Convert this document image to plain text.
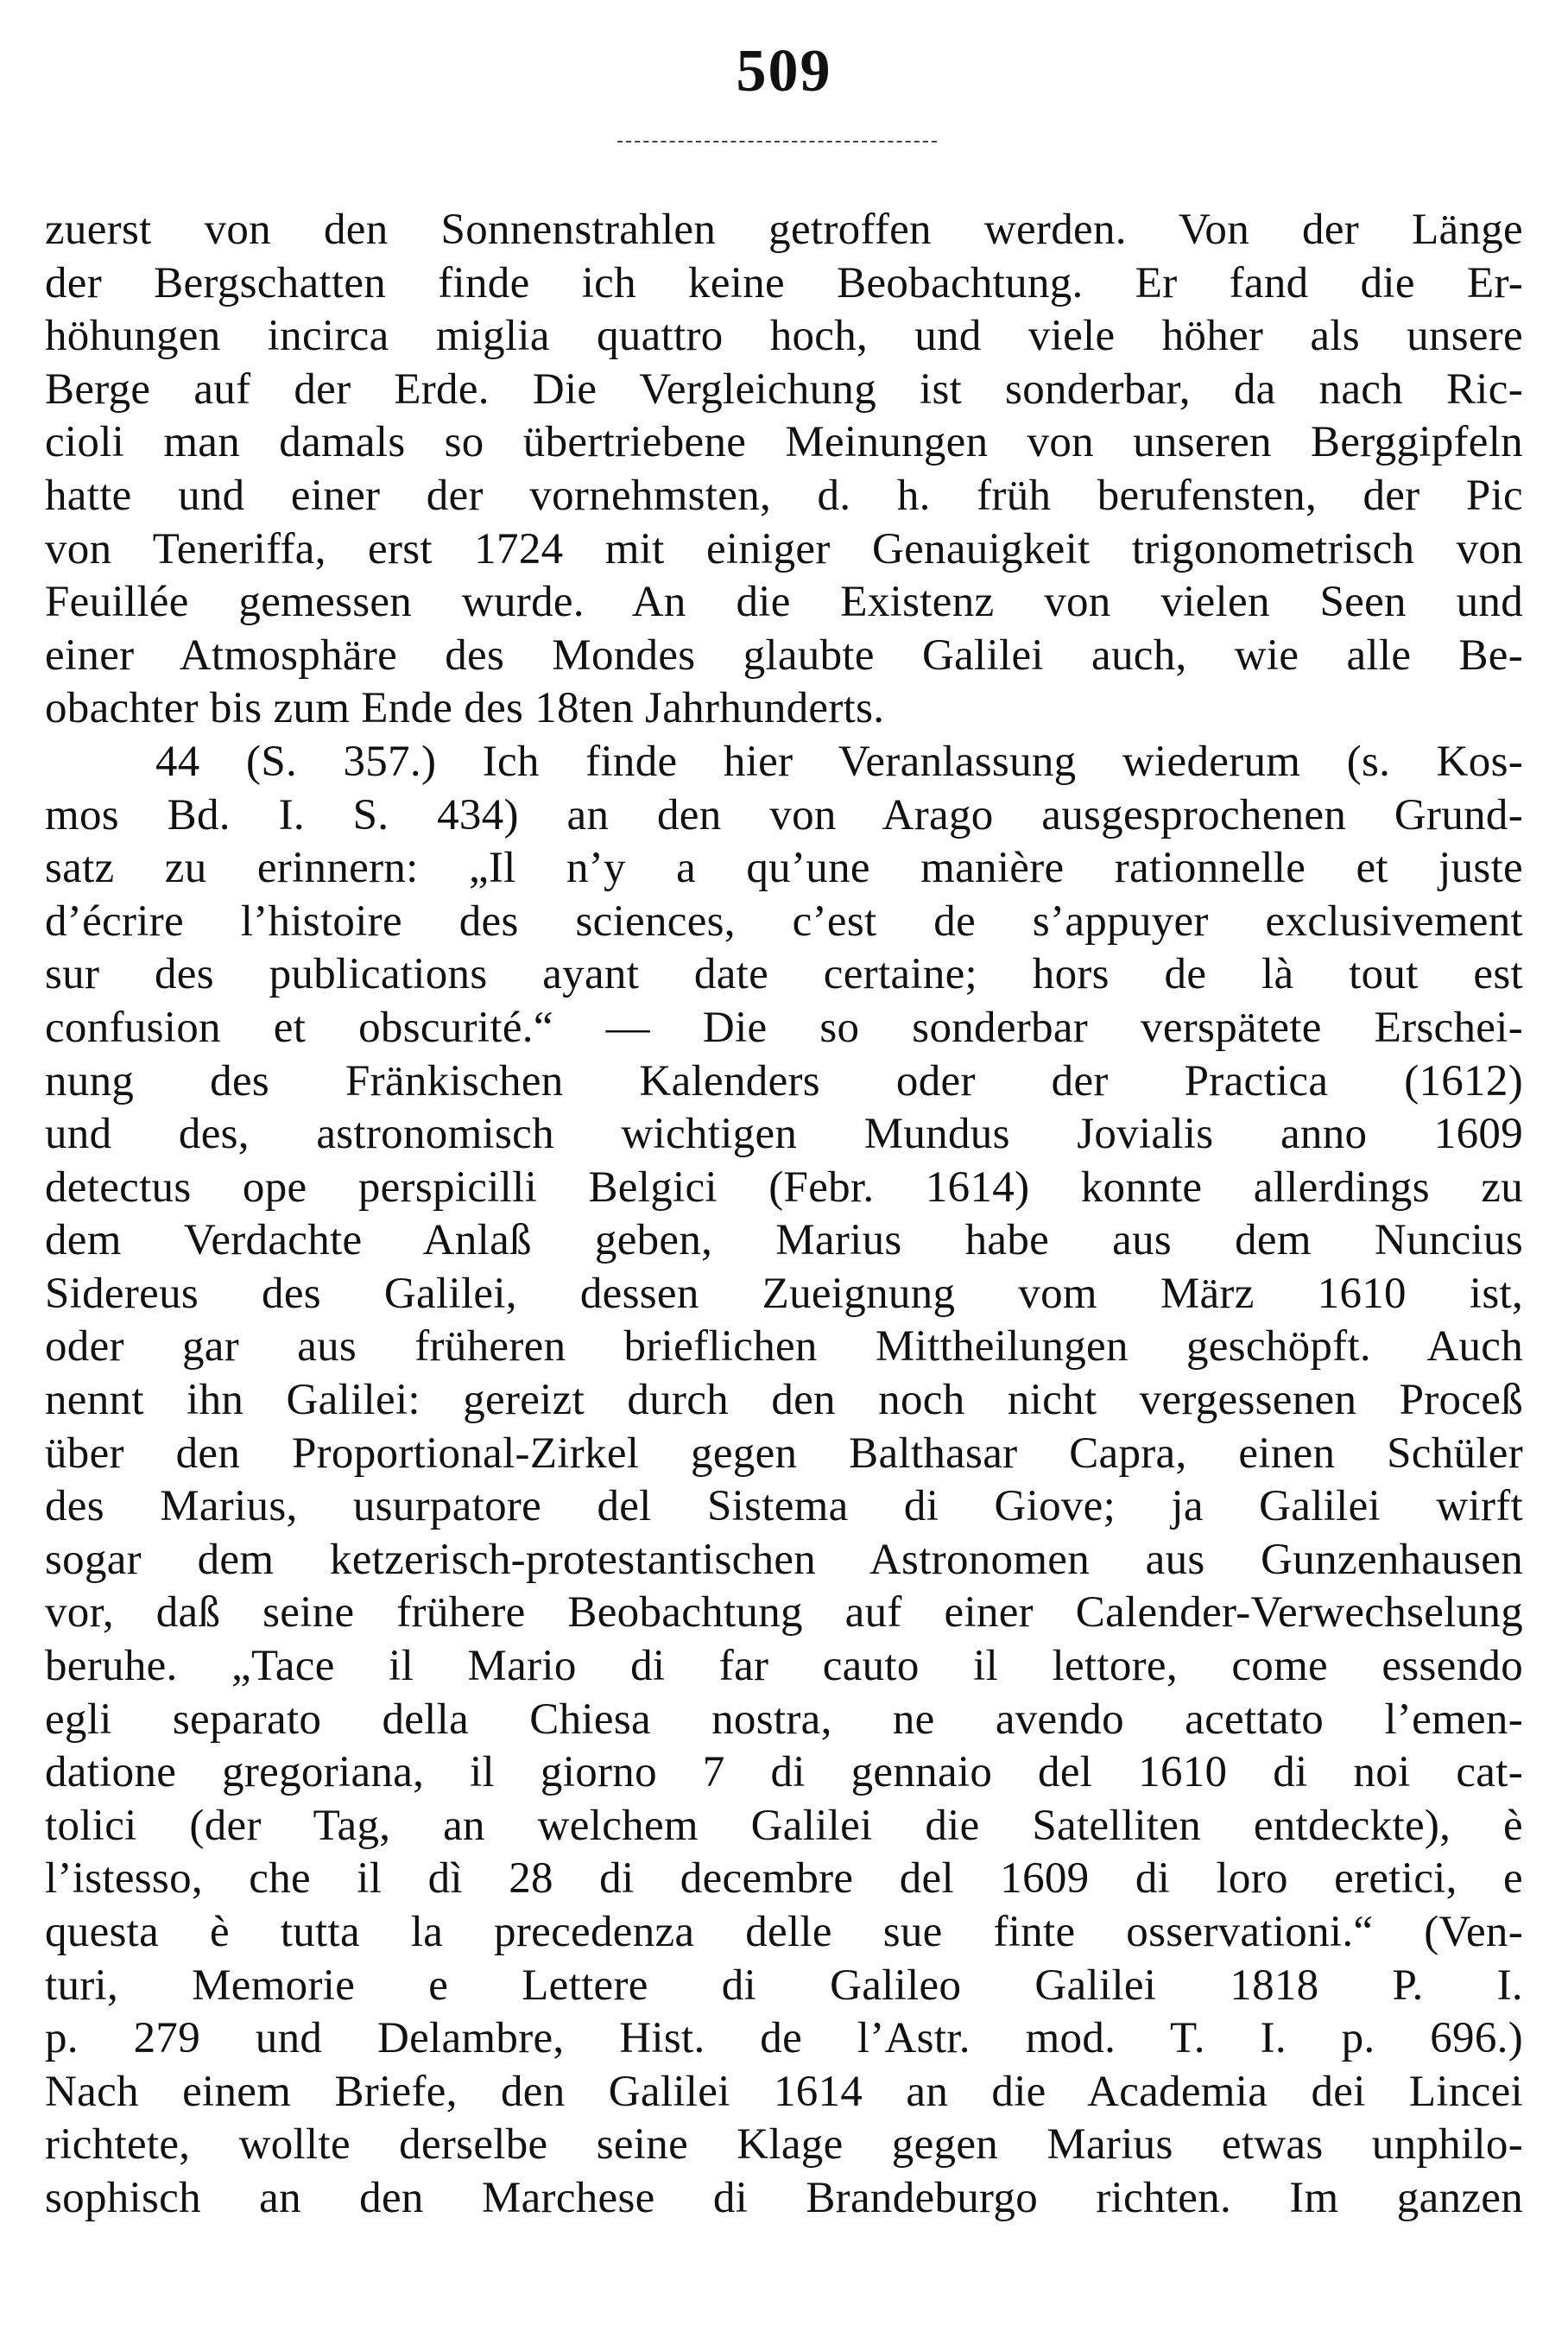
509
zuerst von den Sonnenstrahlen getroffen werden. Von der Länge
der Bergschatten finde ich keine Beobachtung. Er fand die Er-
höhungen incirca miglia quattro hoch, und viele höher als unsere
Berge auf der Erde. Die Vergleichung ist sonderbar, da nach Ric-
cioli man damals so übertriebene Meinungen von unseren Berggipfeln
hatte und einer der vornehmsten, d. h. früh berufensten, der Pic
von Teneriffa, erst 1724 mit einiger Genauigkeit trigonometrisch von
Feuillée gemessen wurde. An die Existenz von vielen Seen und
einer Atmosphäre des Mondes glaubte Galilei auch, wie alle Be-
obachter bis zum Ende des 18ten Jahrhunderts.
44 (S. 357.) Ich finde hier Veranlassung wiederum (s. Kos-
mos Bd. I. S. 434) an den von Arago ausgesprochenen Grund-
satz zu erinnern: „Il n’y a qu’une manière rationnelle et juste
d’écrire l’histoire des sciences, c’est de s’appuyer exclusivement
sur des publications ayant date certaine; hors de là tout est
confusion et obscurité.“ — Die so sonderbar verspätete Erschei-
nung des Fränkischen Kalenders oder der Practica (1612)
und des, astronomisch wichtigen Mundus Jovialis anno 1609
detectus ope perspicilli Belgici (Febr. 1614) konnte allerdings zu
dem Verdachte Anlaß geben, Marius habe aus dem Nuncius
Sidereus des Galilei, dessen Zueignung vom März 1610 ist,
oder gar aus früheren brieflichen Mittheilungen geschöpft. Auch
nennt ihn Galilei: gereizt durch den noch nicht vergessenen Proceß
über den Proportional-Zirkel gegen Balthasar Capra, einen Schüler
des Marius, usurpatore del Sistema di Giove; ja Galilei wirft
sogar dem ketzerisch-protestantischen Astronomen aus Gunzenhausen
vor, daß seine frühere Beobachtung auf einer Calender-Verwechselung
beruhe. „Tace il Mario di far cauto il lettore, come essendo
egli separato della Chiesa nostra, ne avendo acettato l’emen-
datione gregoriana, il giorno 7 di gennaio del 1610 di noi cat-
tolici (der Tag, an welchem Galilei die Satelliten entdeckte), è
l’istesso, che il dì 28 di decembre del 1609 di loro eretici, e
questa è tutta la precedenza delle sue finte osservationi.“ (Ven-
turi, Memorie e Lettere di Galileo Galilei 1818 P. I.
p. 279 und Delambre, Hist. de l’Astr. mod. T. I. p. 696.)
Nach einem Briefe, den Galilei 1614 an die Academia dei Lincei
richtete, wollte derselbe seine Klage gegen Marius etwas unphilo-
sophisch an den Marchese di Brandeburgo richten. Im ganzen
